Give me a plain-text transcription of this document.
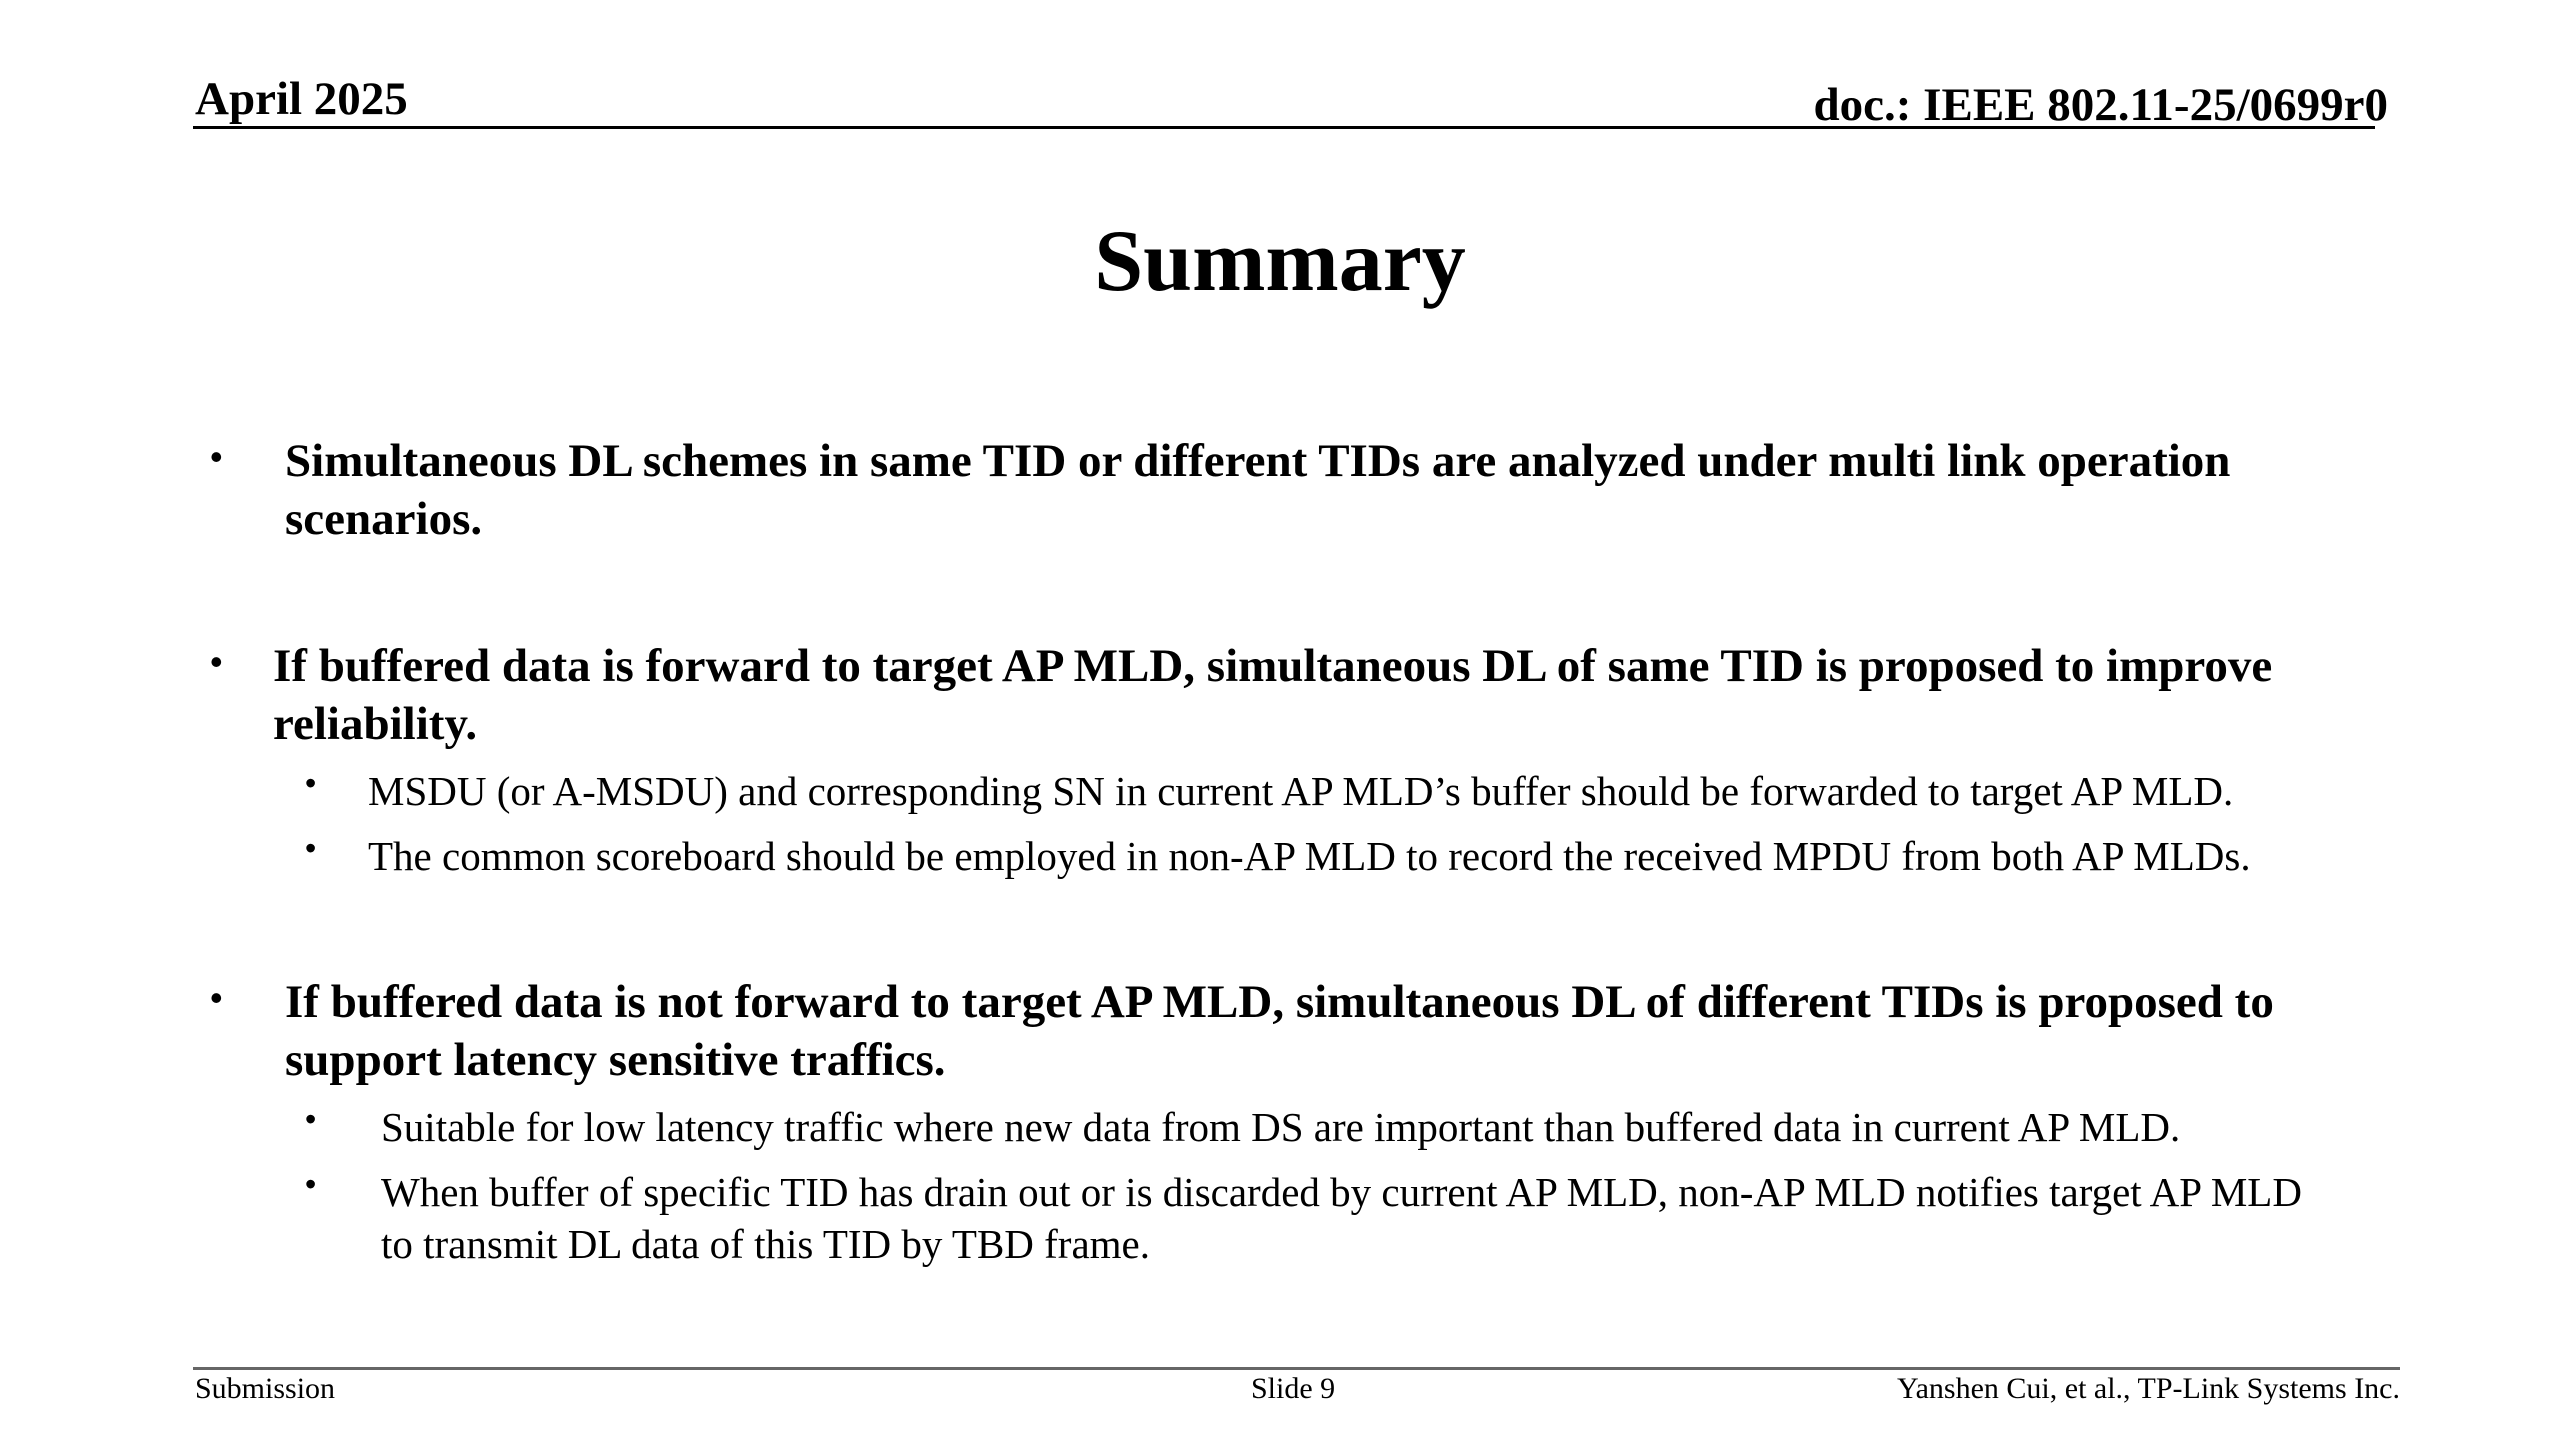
April 2025	doc.: IEEE 802.11-25/0699r0
Summary
• Simultaneous DL schemes in same TID or different TIDs are analyzed under multi link operation scenarios.
• If buffered data is forward to target AP MLD, simultaneous DL of same TID is proposed to improve reliability.
• MSDU (or A-MSDU) and corresponding SN in current AP MLD’s buffer should be forwarded to target AP MLD.
• The common scoreboard should be employed in non-AP MLD to record the received MPDU from both AP MLDs.
• If buffered data is not forward to target AP MLD, simultaneous DL of different TIDs is proposed to support latency sensitive traffics.
• Suitable for low latency traffic where new data from DS are important than buffered data in current AP MLD.
• When buffer of specific TID has drain out or is discarded by current AP MLD, non-AP MLD notifies target AP MLD to transmit DL data of this TID by TBD frame.
Submission	Slide 9	Yanshen Cui, et al., TP-Link Systems Inc.
